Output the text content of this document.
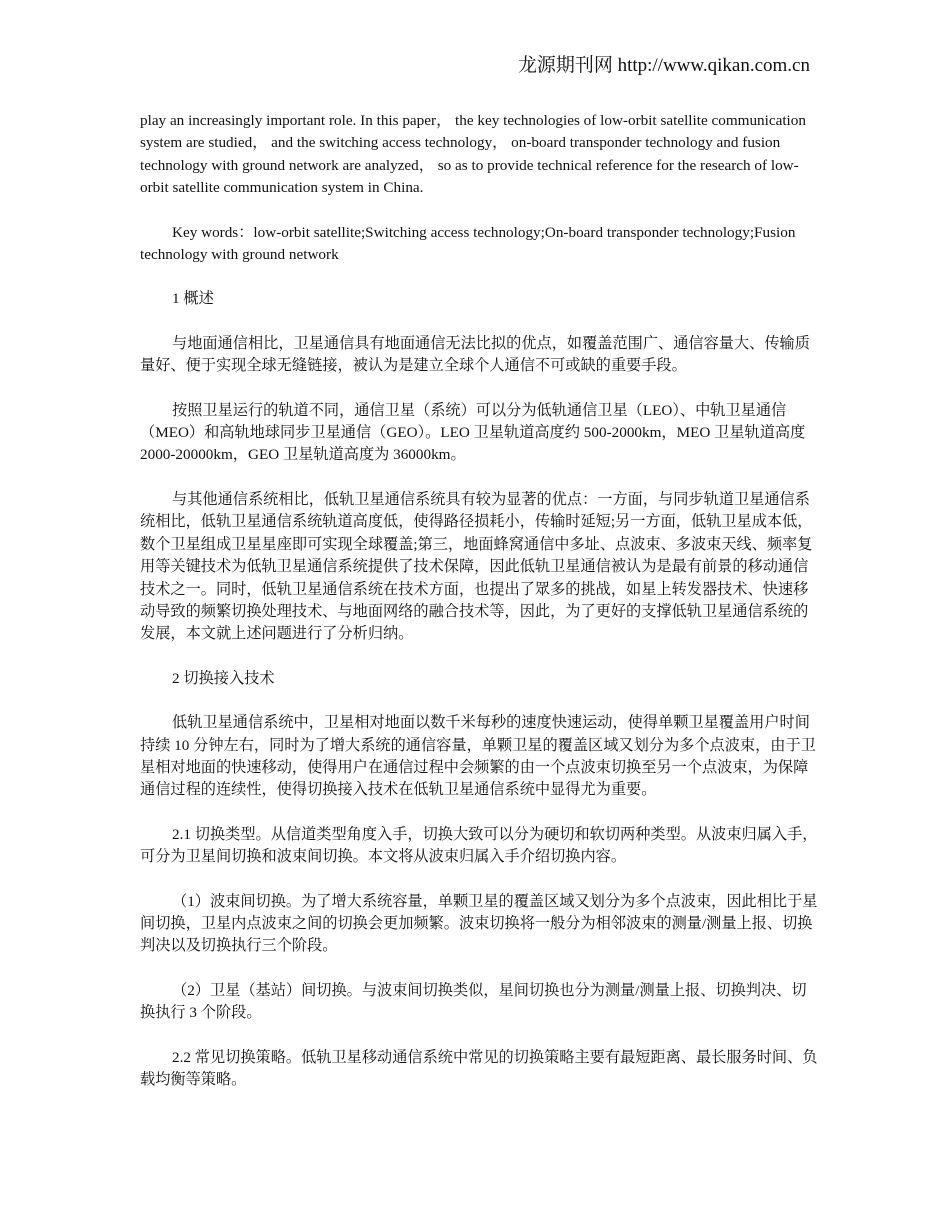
龙源期刊网 http://www.qikan.com.cn

play an increasingly important role. In this paper， the key technologies of low-orbit satellite communication system are studied， and the switching access technology， on-board transponder technology and fusion technology with ground network are analyzed， so as to provide technical reference for the research of low-orbit satellite communication system in China.

Key words：low-orbit satellite;Switching access technology;On-board transponder technology;Fusion technology with ground network

1 概述

与地面通信相比，卫星通信具有地面通信无法比拟的优点，如覆盖范围广、通信容量大、传输质量好、便于实现全球无缝链接，被认为是建立全球个人通信不可或缺的重要手段。

按照卫星运行的轨道不同，通信卫星（系统）可以分为低轨通信卫星（LEO）、中轨卫星通信（MEO）和高轨地球同步卫星通信（GEO）。LEO 卫星轨道高度约 500-2000km，MEO 卫星轨道高度 2000-20000km，GEO 卫星轨道高度为 36000km。

与其他通信系统相比，低轨卫星通信系统具有较为显著的优点：一方面，与同步轨道卫星通信系统相比，低轨卫星通信系统轨道高度低，使得路径损耗小，传输时延短;另一方面，低轨卫星成本低，数个卫星组成卫星星座即可实现全球覆盖;第三，地面蜂窝通信中多址、点波束、多波束天线、频率复用等关键技术为低轨卫星通信系统提供了技术保障，因此低轨卫星通信被认为是最有前景的移动通信技术之一。同时，低轨卫星通信系统在技术方面，也提出了眾多的挑战，如星上转发器技术、快速移动导致的频繁切换处理技术、与地面网络的融合技术等，因此，为了更好的支撑低轨卫星通信系统的发展，本文就上述问题进行了分析归纳。

2 切换接入技术

低轨卫星通信系统中，卫星相对地面以数千米每秒的速度快速运动，使得单颗卫星覆盖用户时间持续 10 分钟左右，同时为了增大系统的通信容量，单颗卫星的覆盖区域又划分为多个点波束，由于卫星相对地面的快速移动，使得用户在通信过程中会频繁的由一个点波束切换至另一个点波束，为保障通信过程的连续性，使得切换接入技术在低轨卫星通信系统中显得尤为重要。

2.1 切换类型。从信道类型角度入手，切换大致可以分为硬切和软切两种类型。从波束归属入手，可分为卫星间切换和波束间切换。本文将从波束归属入手介绍切换内容。

（1）波束间切换。为了增大系统容量，单颗卫星的覆盖区域又划分为多个点波束，因此相比于星间切换，卫星内点波束之间的切换会更加频繁。波束切换将一般分为相邻波束的测量/测量上报、切换判决以及切换执行三个阶段。

（2）卫星（基站）间切换。与波束间切换类似，星间切换也分为测量/测量上报、切换判决、切换执行 3 个阶段。

2.2 常见切换策略。低轨卫星移动通信系统中常见的切换策略主要有最短距离、最长服务时间、负载均衡等策略。
